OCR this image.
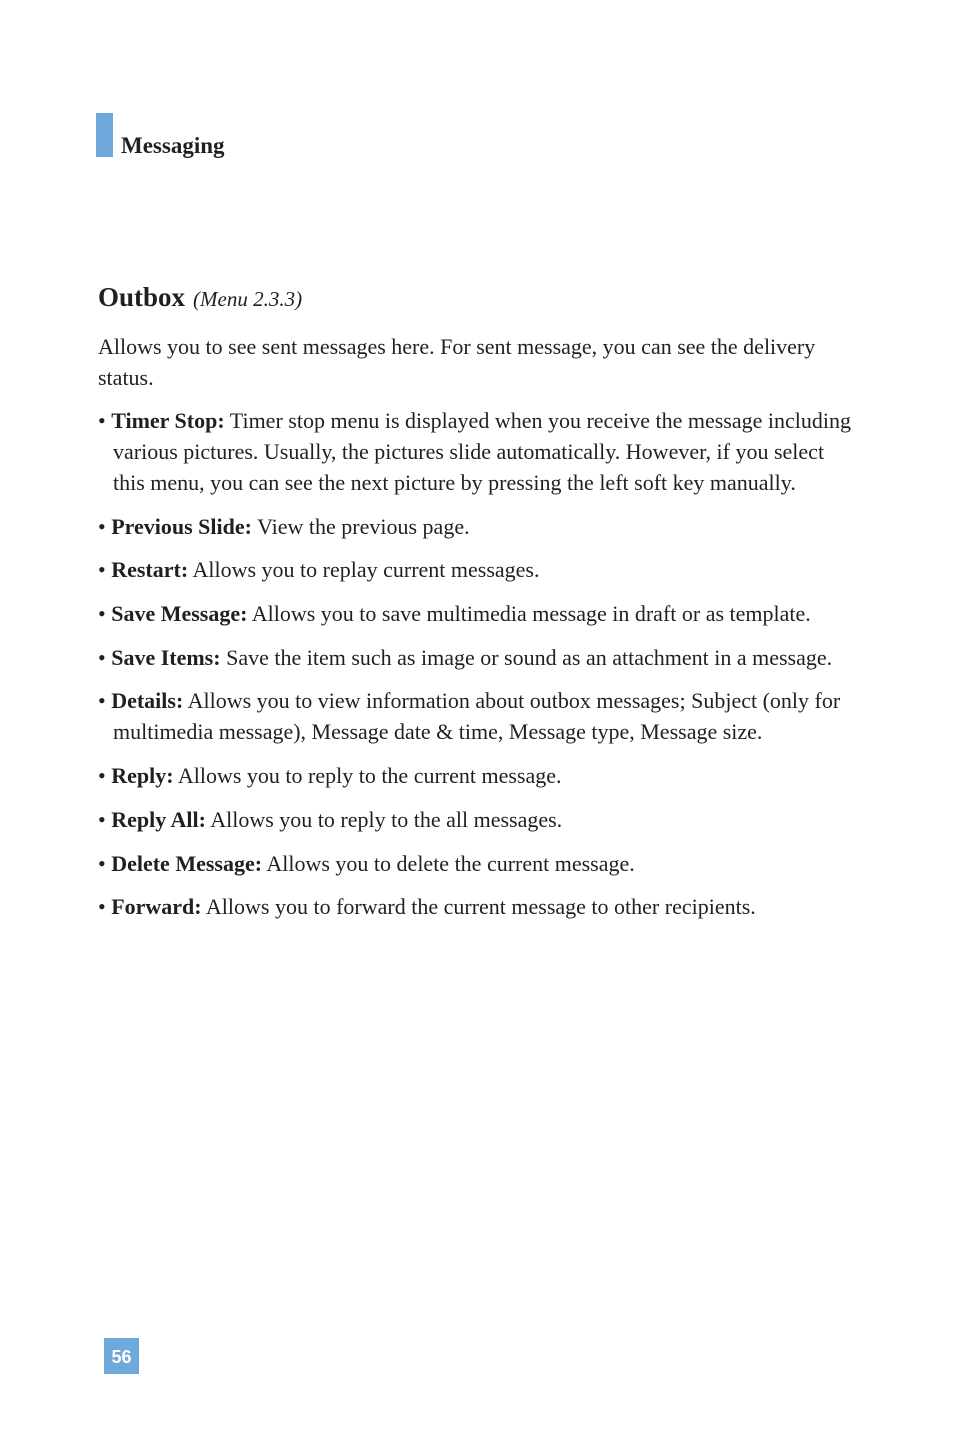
Messaging
Outbox (Menu 2.3.3)

Allows you to see sent messages here. For sent message, you can see the delivery status.

• Timer Stop: Timer stop menu is displayed when you receive the message including various pictures. Usually, the pictures slide automatically. However, if you select this menu, you can see the next picture by pressing the left soft key manually.
• Previous Slide: View the previous page.
• Restart: Allows you to replay current messages.
• Save Message: Allows you to save multimedia message in draft or as template.
• Save Items: Save the item such as image or sound as an attachment in a message.
• Details: Allows you to view information about outbox messages; Subject (only for multimedia message), Message date & time, Message type, Message size.
• Reply: Allows you to reply to the current message.
• Reply All: Allows you to reply to the all messages.
• Delete Message: Allows you to delete the current message.
• Forward: Allows you to forward the current message to other recipients.
56
